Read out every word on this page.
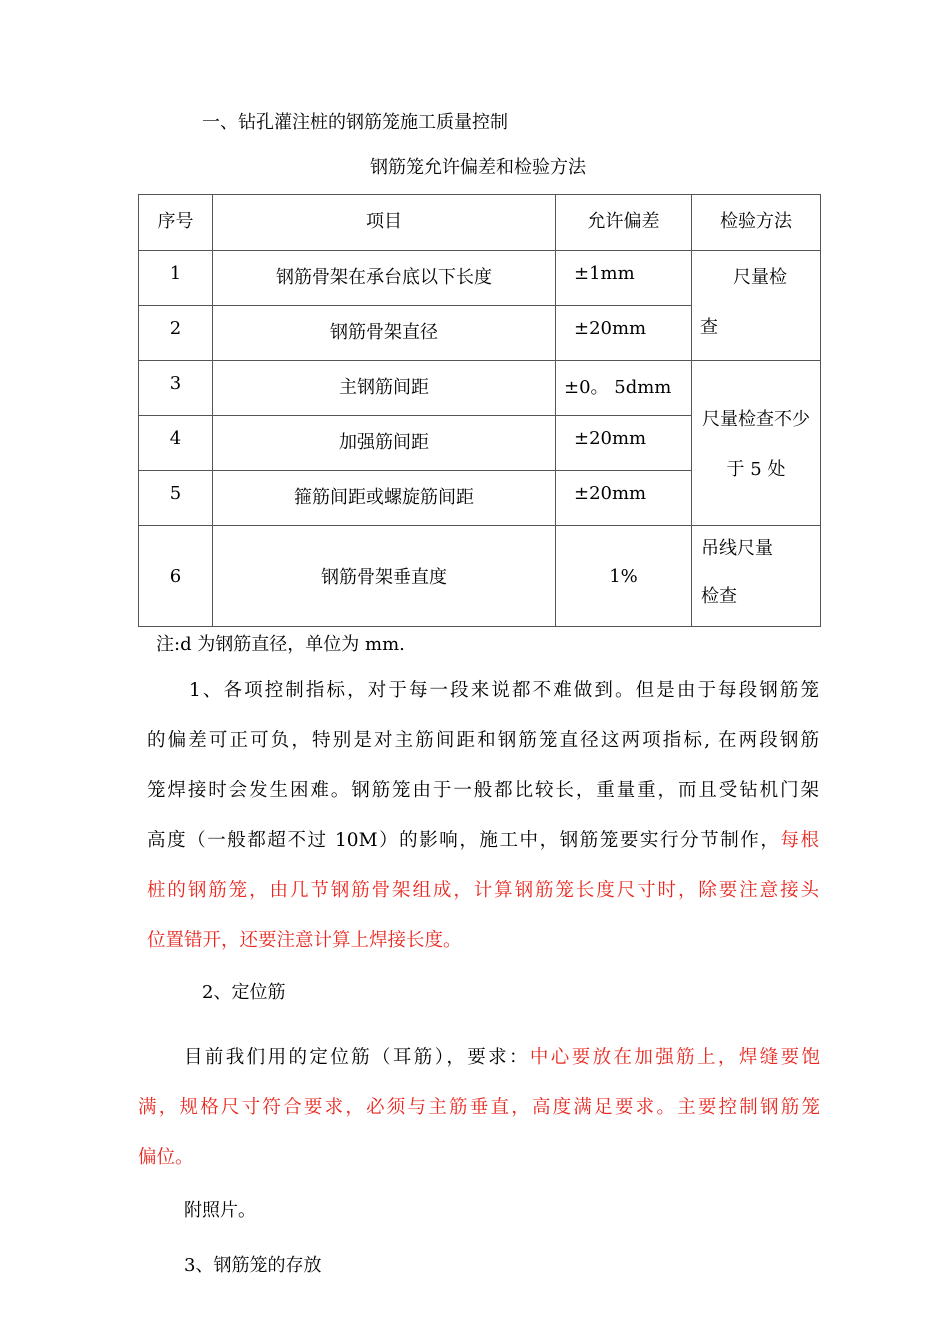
一、钻孔灌注桩的钢筋笼施工质量控制
钢筋笼允许偏差和检验方法
序号	项目	允许偏差	检验方法

1	钢筋骨架在承台底以下长度	±1mm	尺量检
查

2	钢筋骨架直径	±20mm	

3	主钢筋间距	±0。 5dmm	尺量检查不少
于 5 处

4	加强筋间距	±20mm	

5	箍筋间距或螺旋筋间距	±20mm	

6	钢筋骨架垂直度	1%	吊线尺量
检查
注:d 为钢筋直径，单位为 mm.
1、各项控制指标，对于每一段来说都不难做到。但是由于每段钢筋笼
的偏差可正可负，特别是对主筋间距和钢筋笼直径这两项指标, 在两段钢筋
笼焊接时会发生困难。钢筋笼由于一般都比较长，重量重，而且受钻机门架
高度（一般都超不过 10M）的影响，施工中，钢筋笼要实行分节制作，每根
桩的钢筋笼，由几节钢筋骨架组成，计算钢筋笼长度尺寸时，除要注意接头
位置错开，还要注意计算上焊接长度。
2、定位筋
目前我们用的定位筋（耳筋），要求：中心要放在加强筋上，焊缝要饱
满，规格尺寸符合要求，必须与主筋垂直，高度满足要求。主要控制钢筋笼
偏位。
附照片。
3、钢筋笼的存放
